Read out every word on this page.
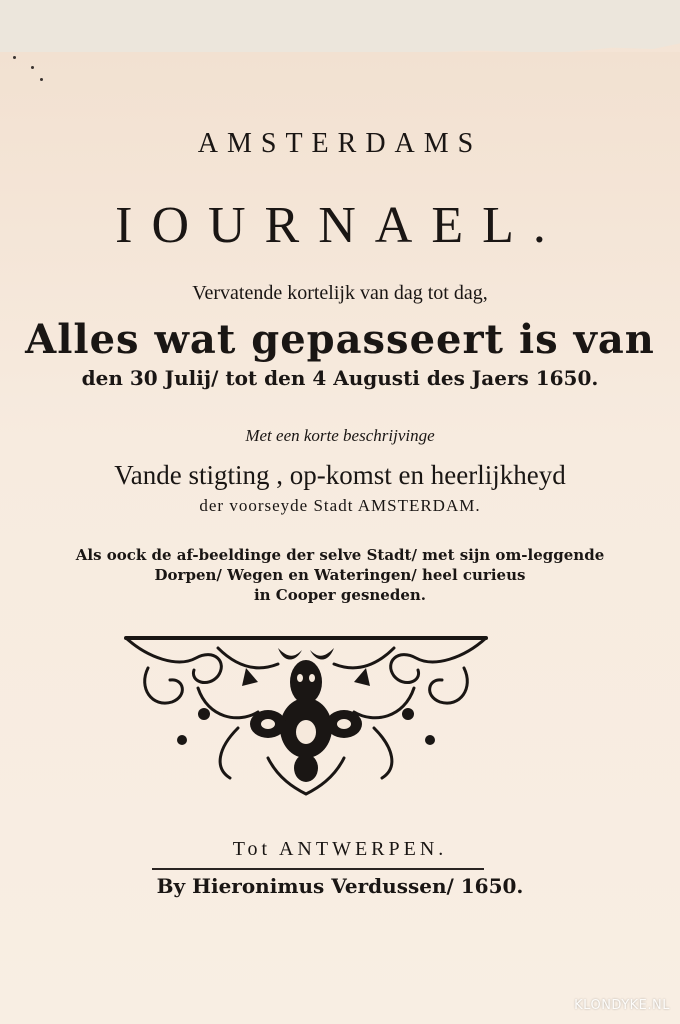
AMSTERDAMS
IOURNAEL.
Vervatende kortelijk van dag tot dag,
Alles wat gepasseert is van
den 30 Julij/ tot den 4 Augusti des Jaers 1650.
Met een korte beschrijvinge
Vande stigting , op-komst en heerlijkheyd
der voorseyde Stadt AMSTERDAM.
Als oock de af-beeldinge der selve Stadt/ met sijn om-leggende
Dorpen/ Wegen en Wateringen/ heel curieus
in Cooper gesneden.
Tot ANTWERPEN.
By Hieronimus Verdussen/ 1650.
KLONDYKE.NL
